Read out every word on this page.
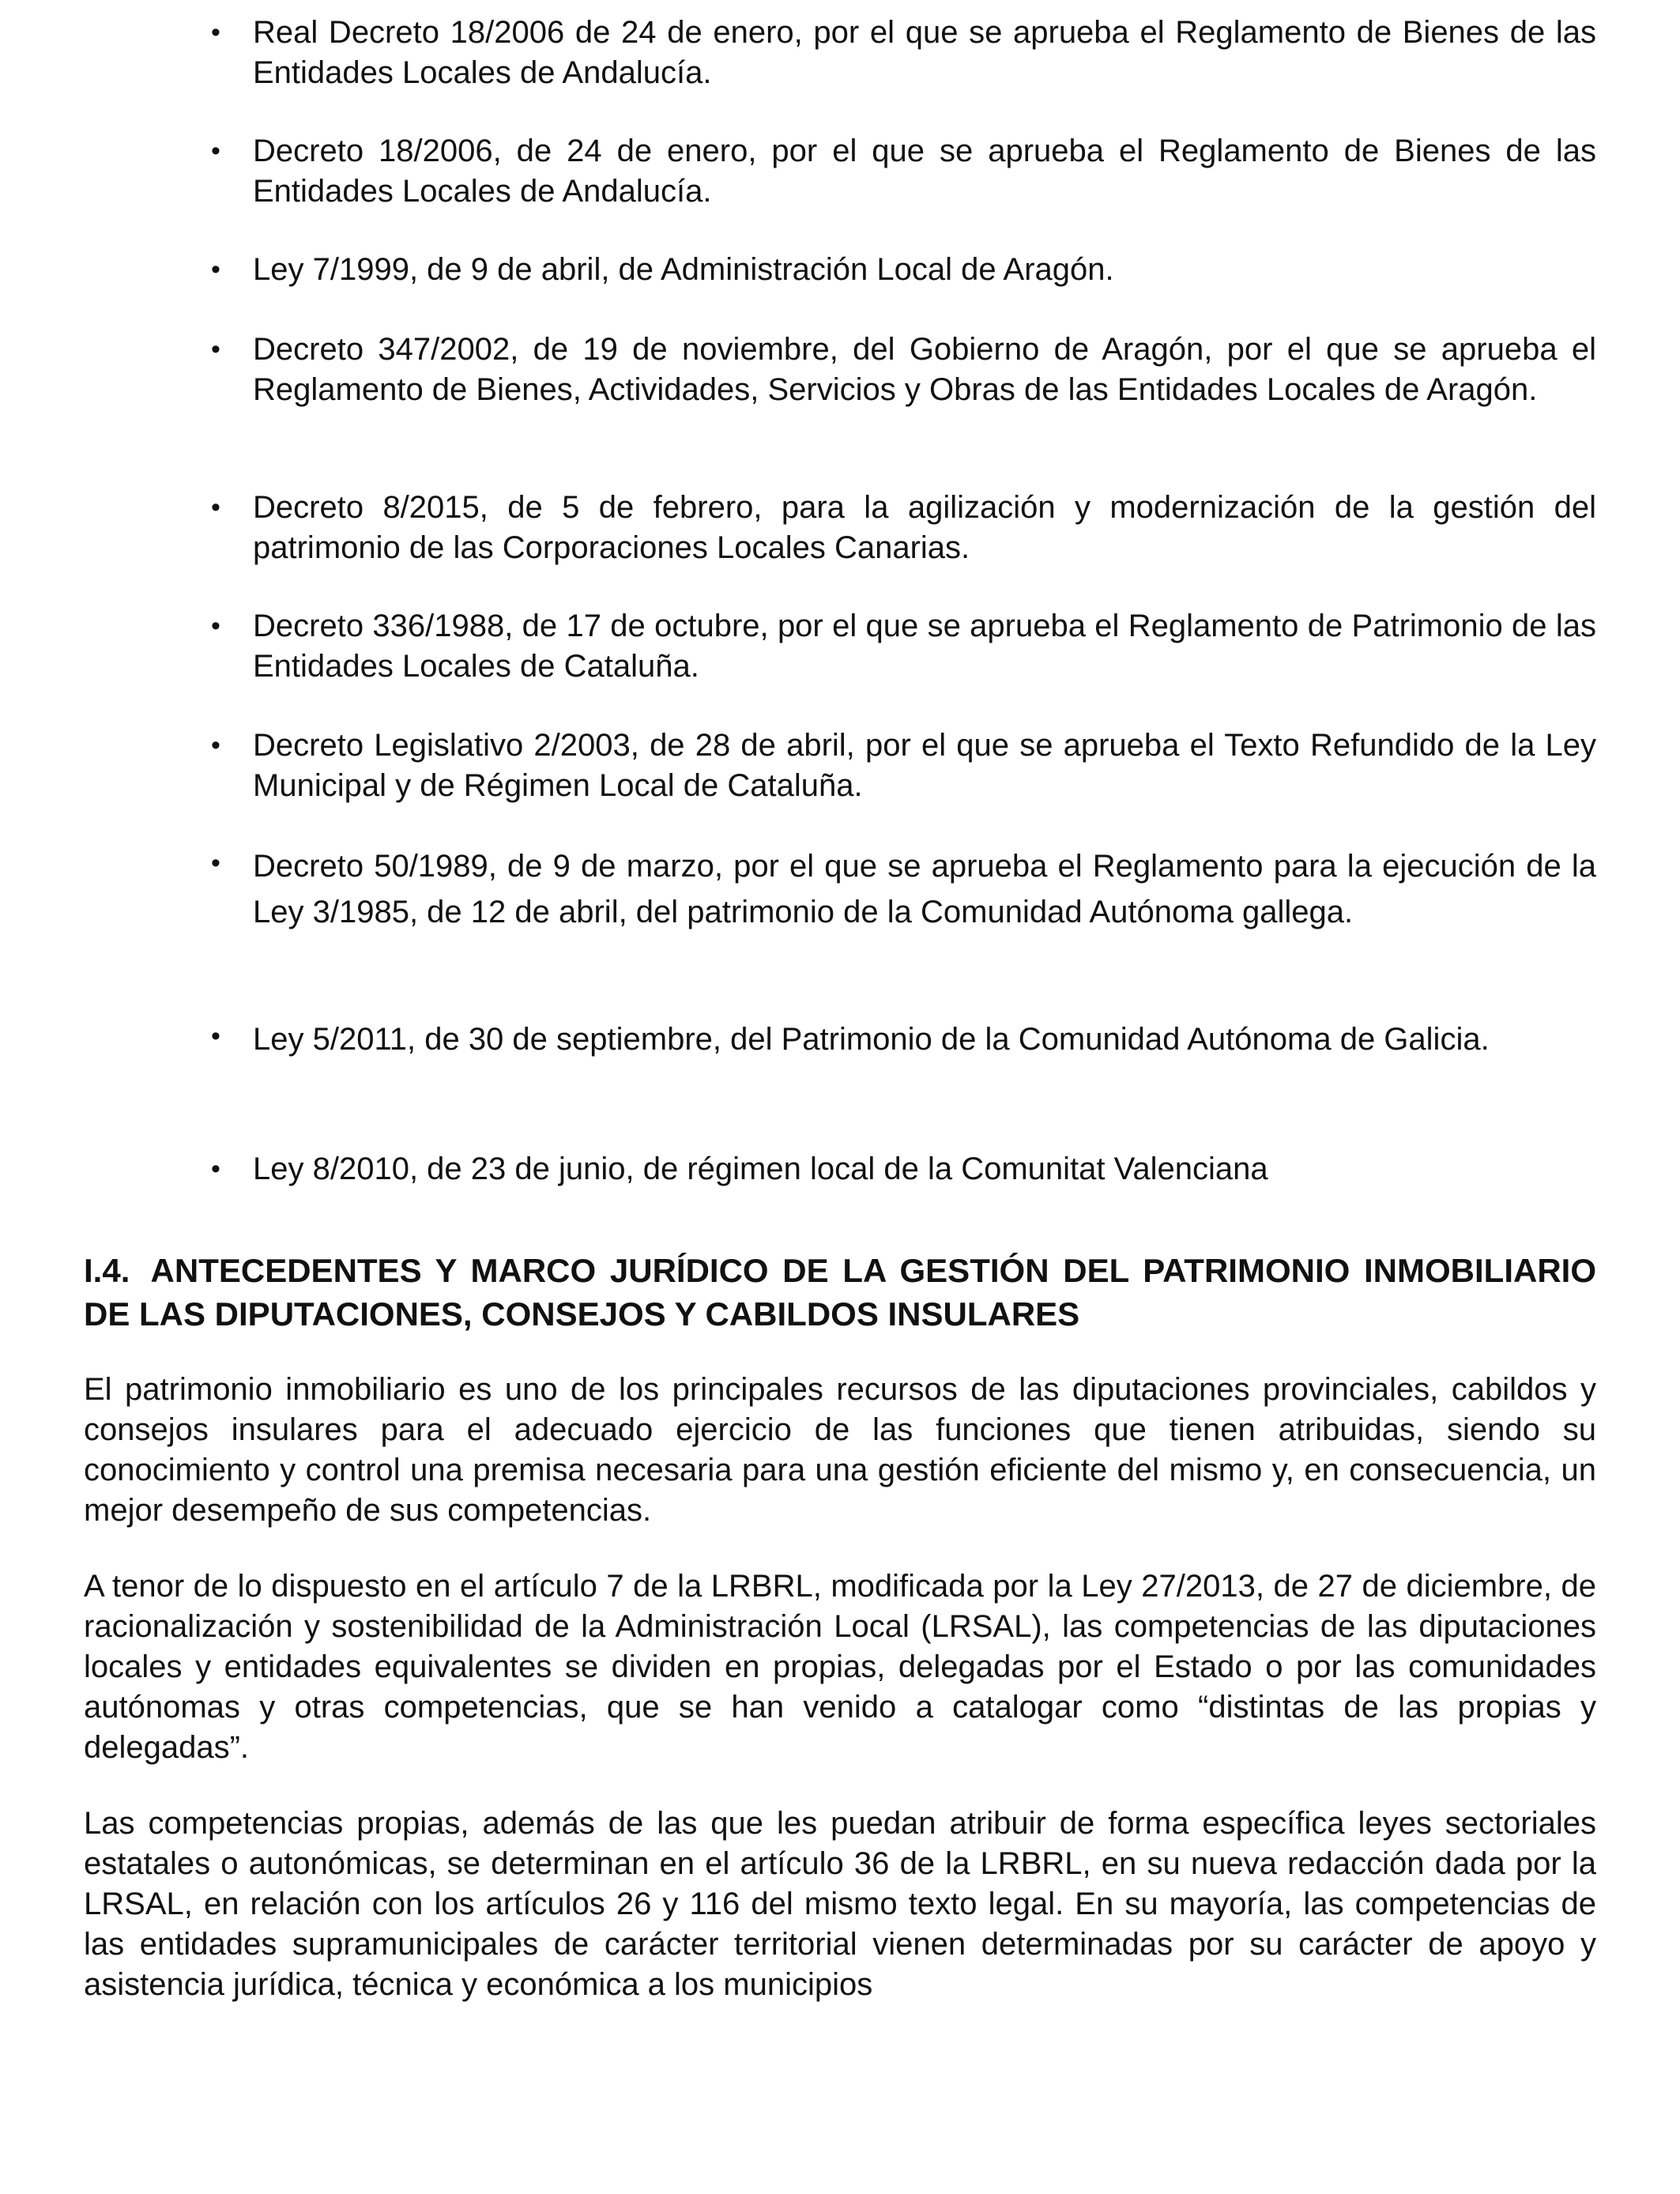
• Real Decreto 18/2006 de 24 de enero, por el que se aprueba el Reglamento de Bienes de las Entidades Locales de Andalucía.
• Decreto 18/2006, de 24 de enero, por el que se aprueba el Reglamento de Bienes de las Entidades Locales de Andalucía.
• Ley 7/1999, de 9 de abril, de Administración Local de Aragón.
• Decreto 347/2002, de 19 de noviembre, del Gobierno de Aragón, por el que se aprueba el Reglamento de Bienes, Actividades, Servicios y Obras de las Entidades Locales de Aragón.
• Decreto 8/2015, de 5 de febrero, para la agilización y modernización de la gestión del patrimonio de las Corporaciones Locales Canarias.
• Decreto 336/1988, de 17 de octubre, por el que se aprueba el Reglamento de Patrimonio de las Entidades Locales de Cataluña.
• Decreto Legislativo 2/2003, de 28 de abril, por el que se aprueba el Texto Refundido de la Ley Municipal y de Régimen Local de Cataluña.
• Decreto 50/1989, de 9 de marzo, por el que se aprueba el Reglamento para la ejecución de la Ley 3/1985, de 12 de abril, del patrimonio de la Comunidad Autónoma gallega.
• Ley 5/2011, de 30 de septiembre, del Patrimonio de la Comunidad Autónoma de Galicia.
• Ley 8/2010, de 23 de junio, de régimen local de la Comunitat Valenciana
I.4. ANTECEDENTES Y MARCO JURÍDICO DE LA GESTIÓN DEL PATRIMONIO INMOBILIARIO DE LAS DIPUTACIONES, CONSEJOS Y CABILDOS INSULARES

El patrimonio inmobiliario es uno de los principales recursos de las diputaciones provinciales, cabildos y consejos insulares para el adecuado ejercicio de las funciones que tienen atribuidas, siendo su conocimiento y control una premisa necesaria para una gestión eficiente del mismo y, en consecuencia, un mejor desempeño de sus competencias.

A tenor de lo dispuesto en el artículo 7 de la LRBRL, modificada por la Ley 27/2013, de 27 de diciembre, de racionalización y sostenibilidad de la Administración Local (LRSAL), las competencias de las diputaciones locales y entidades equivalentes se dividen en propias, delegadas por el Estado o por las comunidades autónomas y otras competencias, que se han venido a catalogar como “distintas de las propias y delegadas”.

Las competencias propias, además de las que les puedan atribuir de forma específica leyes sectoriales estatales o autonómicas, se determinan en el artículo 36 de la LRBRL, en su nueva redacción dada por la LRSAL, en relación con los artículos 26 y 116 del mismo texto legal. En su mayoría, las competencias de las entidades supramunicipales de carácter territorial vienen determinadas por su carácter de apoyo y asistencia jurídica, técnica y económica a los municipios
